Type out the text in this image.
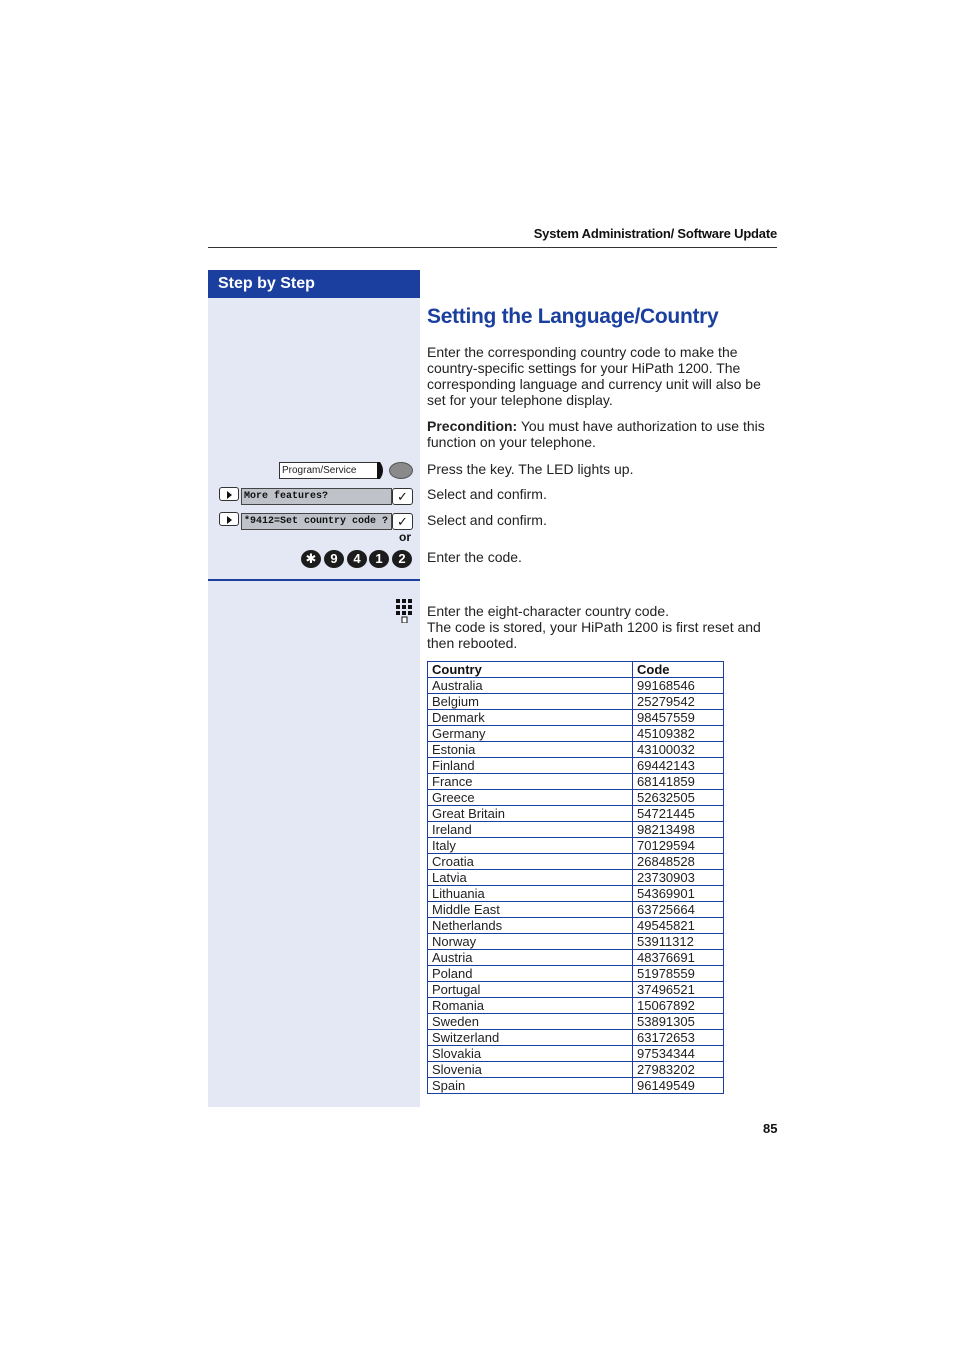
System Administration/ Software Update
Step by Step
Setting the Language/Country
Enter the corresponding country code to make the country-specific settings for your HiPath 1200. The corresponding language and currency unit will also be set for your telephone display.
Precondition: You must have authorization to use this function on your telephone.
Program/Service	Press the key. The LED lights up.
More features?	✓	Select and confirm.
*9412=Set country code ? ✓	Select and confirm.
or
✱	9	4	1	2	Enter the code.
Enter the eight-character country code.
The code is stored, your HiPath 1200 is first reset and then rebooted.
Country	Code
Australia	99168546
Belgium	25279542
Denmark	98457559
Germany	45109382
Estonia	43100032
Finland	69442143
France	68141859
Greece	52632505
Great Britain	54721445
Ireland	98213498
Italy	70129594
Croatia	26848528
Latvia	23730903
Lithuania	54369901
Middle East	63725664
Netherlands	49545821
Norway	53911312
Austria	48376691
Poland	51978559
Portugal	37496521
Romania	15067892
Sweden	53891305
Switzerland	63172653
Slovakia	97534344
Slovenia	27983202
Spain	96149549
85
